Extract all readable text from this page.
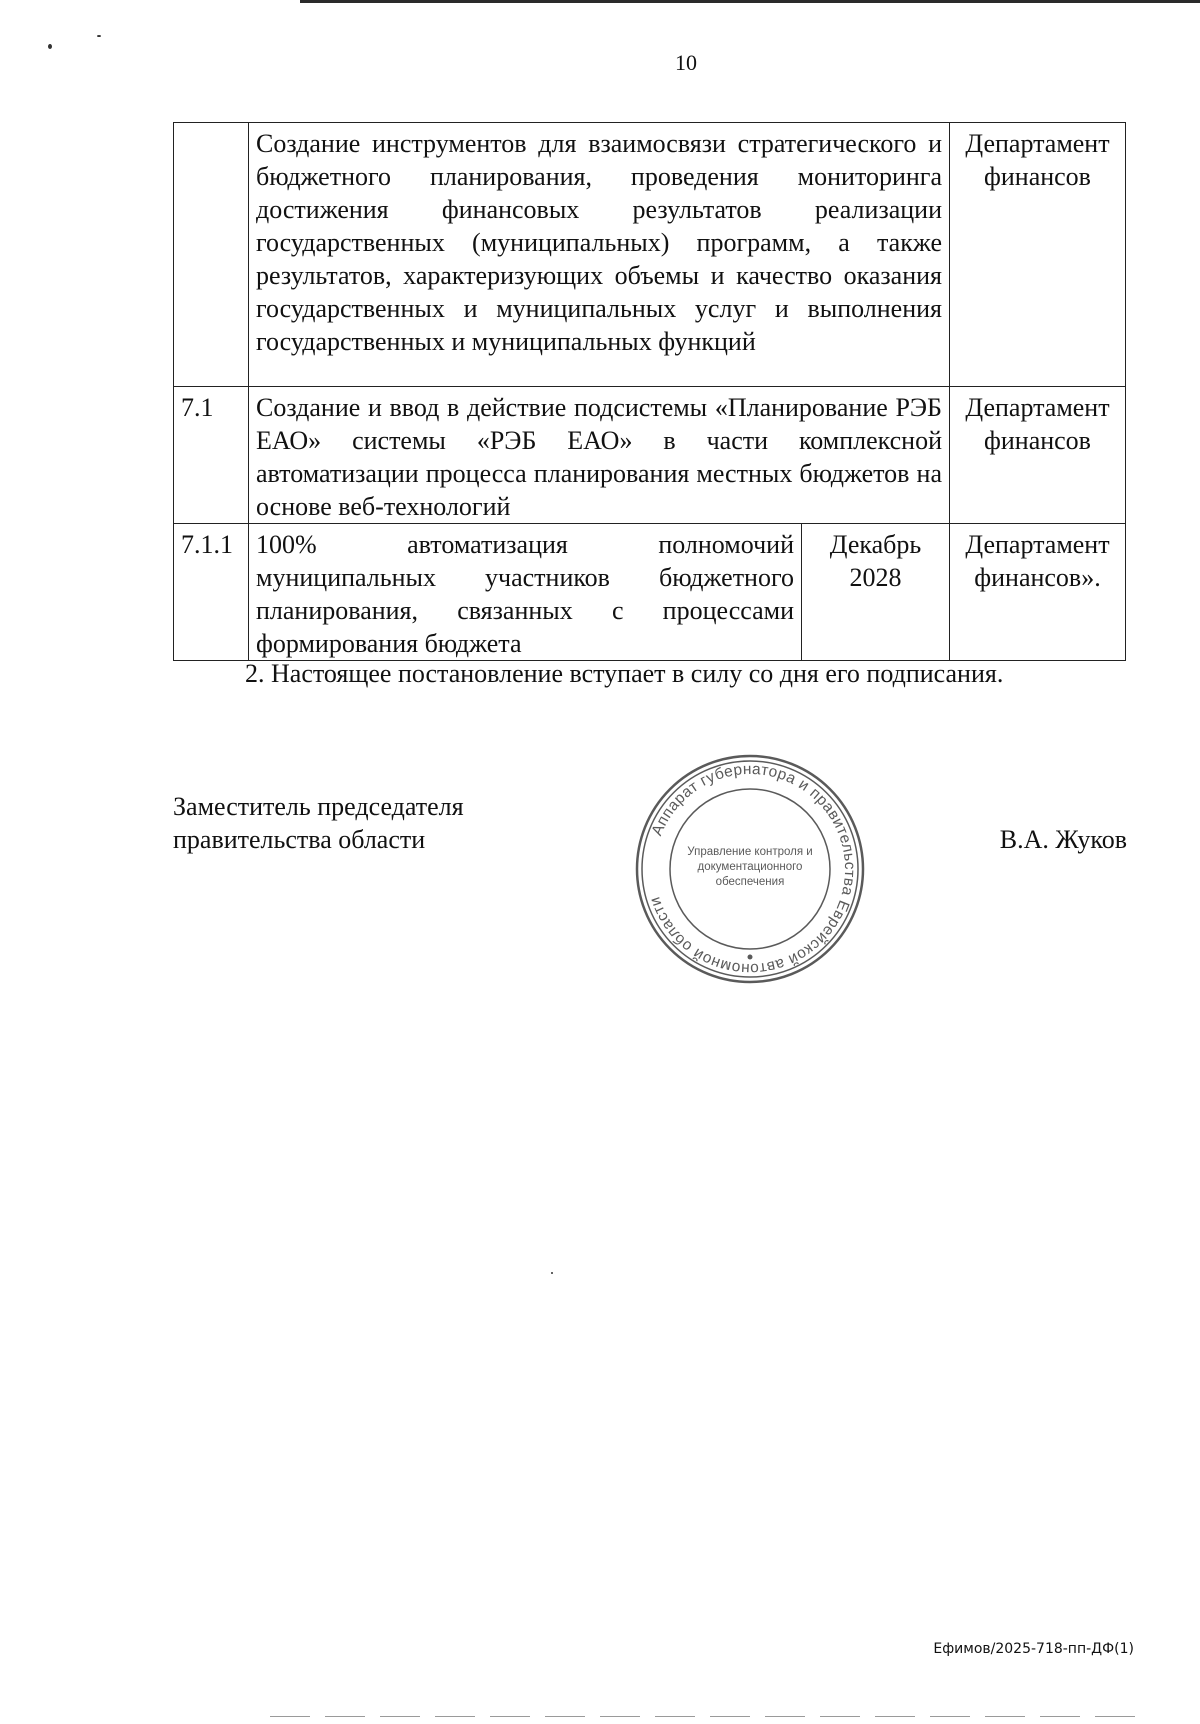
10
	Создание инструментов для взаимосвязи стратегического и бюджетного планирования, проведения мониторинга достижения финансовых результатов реализации государственных (муниципальных) программ, а также результатов, характеризующих объемы и качество оказания государственных и муниципальных услуг и выполнения государственных и муниципальных функций		Департамент финансов
7.1	Создание и ввод в действие подсистемы «Планирование РЭБ ЕАО» системы «РЭБ ЕАО» в части комплексной автоматизации процесса планирования местных бюджетов на основе веб-технологий		Департамент финансов
7.1.1	100% автоматизация полномочий муниципальных участников бюджетного планирования, связанных с процессами формирования бюджета	Декабрь 2028	Департамент финансов».
2. Настоящее постановление вступает в силу со дня его подписания.
Заместитель председателя
правительства области	Аппарат губернатора и правительства Еврейской автономной области
Управление контроля и
документационного
обеспечения
В.А. Жуков
Ефимов/2025-718-пп-ДФ(1)
